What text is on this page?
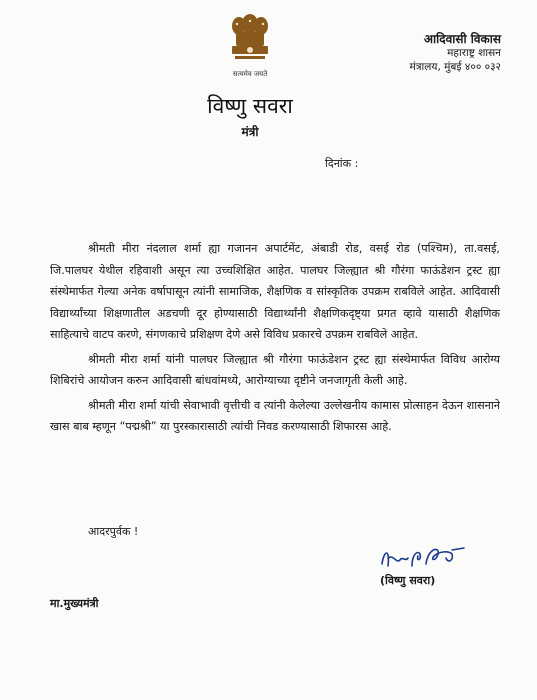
सत्यमेव जयते
विष्णु सवरा
मंत्री
आदिवासी विकास
महाराष्ट्र शासन
मंत्रालय, मुंबई ४०० ०३२
दिनांक :

श्रीमती मीरा नंदलाल शर्मा ह्या गजानन अपार्टमेंट, अंबाडी रोड, वसई रोड (पश्चिम), ता.वसई, जि.पालघर येथील रहिवाशी असून त्या उच्चशिक्षित आहेत. पालघर जिल्ह्यात श्री गौरंगा फाऊंडेशन ट्रस्ट ह्या संस्थेमार्फत गेल्या अनेक वर्षापासून त्यांनी सामाजिक, शैक्षणिक व सांस्कृतिक उपक्रम राबविले आहेत. आदिवासी विद्यार्थ्यांच्या शिक्षणातील अडचणी दूर होण्यासाठी विद्यार्थ्यांनी शैक्षणिकदृष्ट्या प्रगत व्हावे यासाठी शैक्षणिक साहित्याचे वाटप करणे, संगणकाचे प्रशिक्षण देणे असे विविध प्रकारचे उपक्रम राबविले आहेत.

श्रीमती मीरा शर्मा यांनी पालघर जिल्ह्यात श्री गौरंगा फाऊंडेशन ट्रस्ट ह्या संस्थेमार्फत विविध आरोग्य शिबिरांचे आयोजन करुन आदिवासी बांधवांमध्ये, आरोग्याच्या दृष्टीने जनजागृती केली आहे.

श्रीमती मीरा शर्मा यांची सेवाभावी वृत्तीची व त्यांनी केलेल्या उल्लेखनीय कामास प्रोत्साहन देऊन शासनाने खास बाब म्हणून “पद्मश्री” या पुरस्कारासाठी त्यांची निवड करण्यासाठी शिफारस आहे.

आदरपुर्वक !
(विष्णु सवरा)
मा.मुख्यमंत्री
